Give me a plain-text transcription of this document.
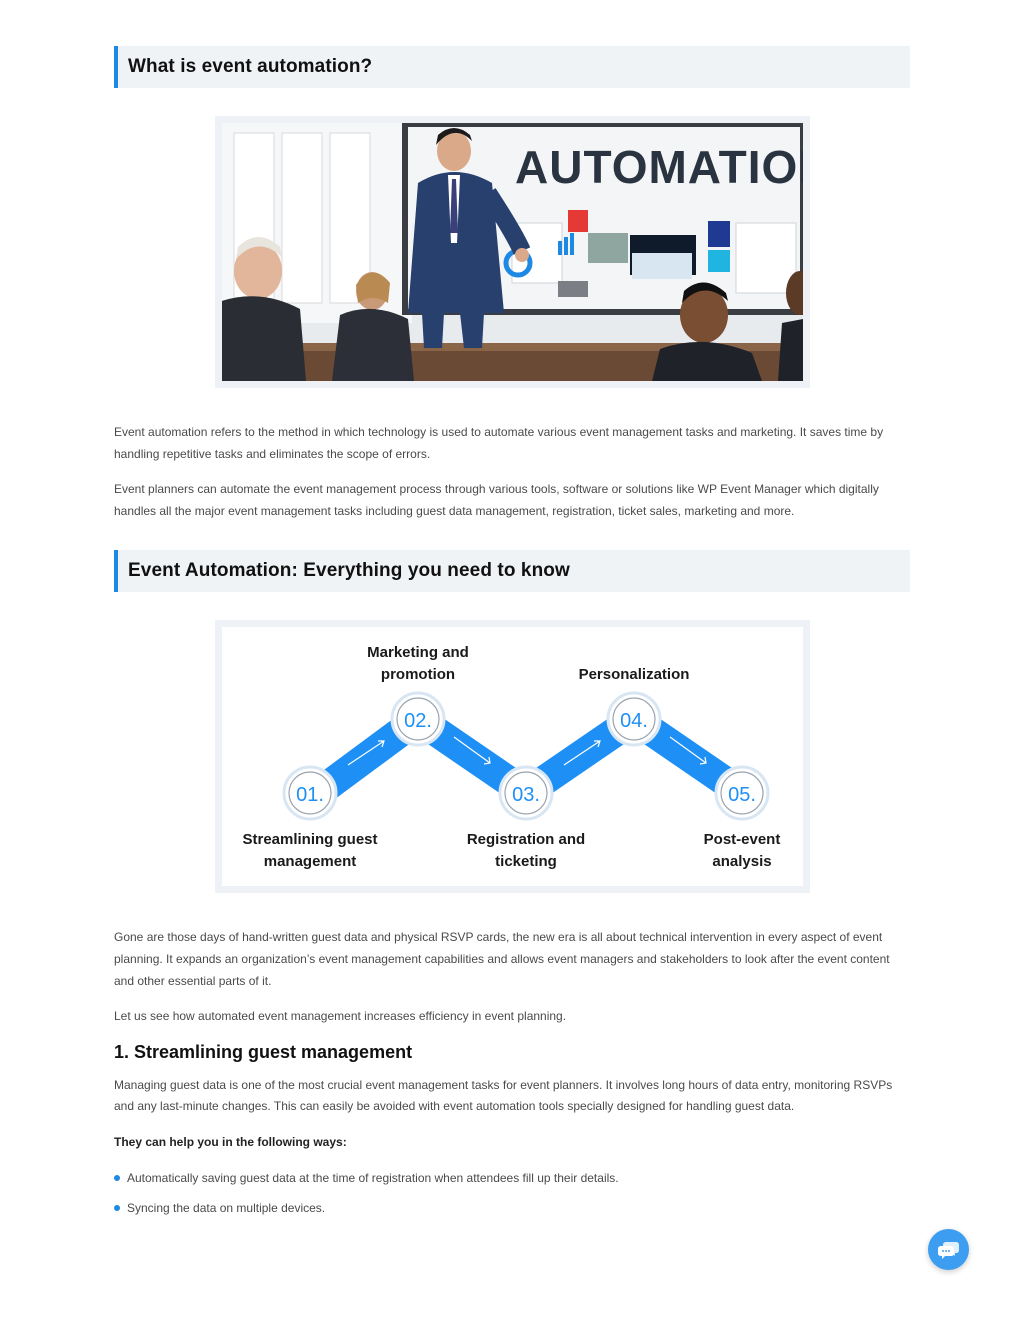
What is event automation?
AUTOMATION

Event automation refers to the method in which technology is used to automate various event management tasks and marketing. It saves time by handling repetitive tasks and eliminates the scope of errors.

Event planners can automate the event management process through various tools, software or solutions like WP Event Manager which digitally handles all the major event management tasks including guest data management, registration, ticket sales, marketing and more.

Event Automation: Everything you need to know
01.
02.
03.
04.
05.
Marketing and
promotion	Personalization
Streamlining guest
management
Registration and
ticketing
Post-event
analysis

Gone are those days of hand-written guest data and physical RSVP cards, the new era is all about technical intervention in every aspect of event planning. It expands an organization’s event management capabilities and allows event managers and stakeholders to look after the event content and other essential parts of it.

Let us see how automated event management increases efficiency in event planning.

1. Streamlining guest management

Managing guest data is one of the most crucial event management tasks for event planners. It involves long hours of data entry, monitoring RSVPs and any last-minute changes. This can easily be avoided with event automation tools specially designed for handling guest data.

They can help you in the following ways:

Automatically saving guest data at the time of registration when attendees fill up their details.
Syncing the data on multiple devices.
